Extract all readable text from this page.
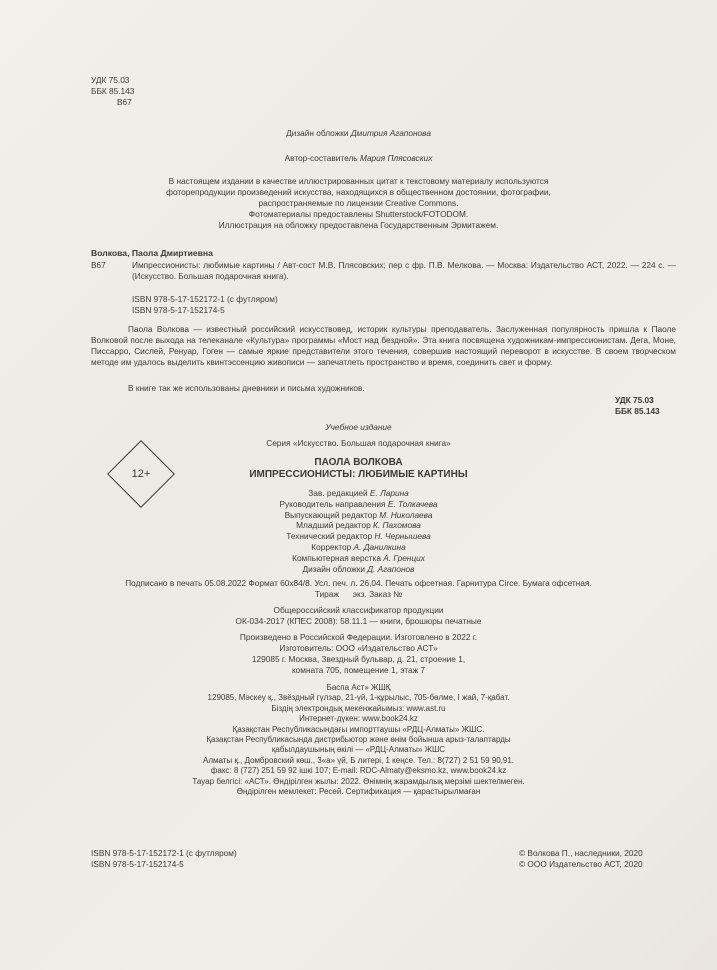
УДК 75.03
ББК 85.143
В67
Дизайн обложки Дмитрия Агапонова
Автор-составитель Мария Плясовских
В настоящем издании в качестве иллюстрированных цитат к текстовому материалу используются
фоторепродукции произведений искусства, находящихся в общественном достоянии, фотографии,
распространяемые по лицензии Creative Commons.
Фотоматериалы предоставлены Shutterstock/FOTODOM.
Иллюстрация на обложку предоставлена Государственным Эрмитажем.
Волкова, Паола Дмиртиевна
В67	Импрессионисты: любимые картины / Авт-сост М.В. Плясовских; пер с фр. П.В. Мелкова. — Москва: Издательство АСТ, 2022. — 224 с. — (Искусство. Большая подарочная книга).
ISBN 978-5-17-152172-1 (с футляром)
ISBN 978-5-17-152174-5
Паола Волкова — известный российский искусствовед, историк культуры преподаватель. Заслуженная популярность пришла к Паоле Волковой после выхода на телеканале «Культура» программы «Мост над бездной». Эта книга посвящена художникам-импрессионистам. Дега, Моне, Писсарро, Сислей, Ренуар, Гоген — самые яркие представители этого течения, совершив настоящий переворот в искусстве. В своем творческом методе им удалось выделить квинтэссенцию живописи — запечатлеть пространство и время, соединить свет и форму.
В книге так же использованы дневники и письма художников.
УДК 75.03
ББК 85.143
Учебное издание
Серия «Искусство. Большая подарочная книга»
12+
ПАОЛА ВОЛКОВА
ИМПРЕССИОНИСТЫ: ЛЮБИМЫЕ КАРТИНЫ
Зав. редакцией Е. Ларина
Руководитель направления Е. Толкачева
Выпускающий редактор М. Николаева
Младший редактор К. Пахомова
Технический редактор Н. Чернышева
Корректор А. Данилкина
Компьютерная верстка А. Гренцих
Дизайн обложки Д. Агапонов
Подписано в печать 05.08.2022 Формат 60x84/8. Усл. печ. л. 26,04. Печать офсетная. Гарнитура Circe. Бумага офсетная.
Тираж      экз. Заказ №
Общероссийский классификатор продукции
ОК-034-2017 (КПЕС 2008): 58.11.1 — книги, брошюры печатные
Произведено в Российской Федерации. Изготовлено в 2022 г.
Изготовитель: ООО «Издательство АСТ»
129085 г. Москва, Звездный бульвар, д. 21, строение 1,
комната 705, помещение 1, этаж 7
Баспа Аст» ЖШҚ
129085, Мәскеу қ., Звёздный гүлзар, 21-үй, 1-құрылыс, 705-бөлме, I жай, 7-қабат.
Біздің электрондық мекенжайымыз: www.ast.ru
Интернет-дүкен: www.book24.kz
Қазақстан Республикасындағы импорттаушы «РДЦ-Алматы» ЖШС.
Қазақстан Республикасында дистрибьютор және өнім бойынша арыз-талаптарды
қабылдаушының өкілі — «РДЦ-Алматы» ЖШС
Алматы қ., Домбровский көш., 3«а» үй, Б литері, 1 кеңсе. Тел.: 8(727) 2 51 59 90,91.
факс: 8 (727) 251 59 92 ішкі 107; E-mail: RDC-Almaty@eksmo.kz, www.book24.kz
Тауар белгісі: «АСТ». Өндірілген жылы: 2022. Өнімнің жарамдылық мерзімі шектелмеген.
Өндірілген мемлекет: Ресей. Сертификация — қарастырылмаған
ISBN 978-5-17-152172-1 (с футляром)
ISBN 978-5-17-152174-5
© Волкова П., наследники, 2020
© ООО Издательство АСТ, 2020
